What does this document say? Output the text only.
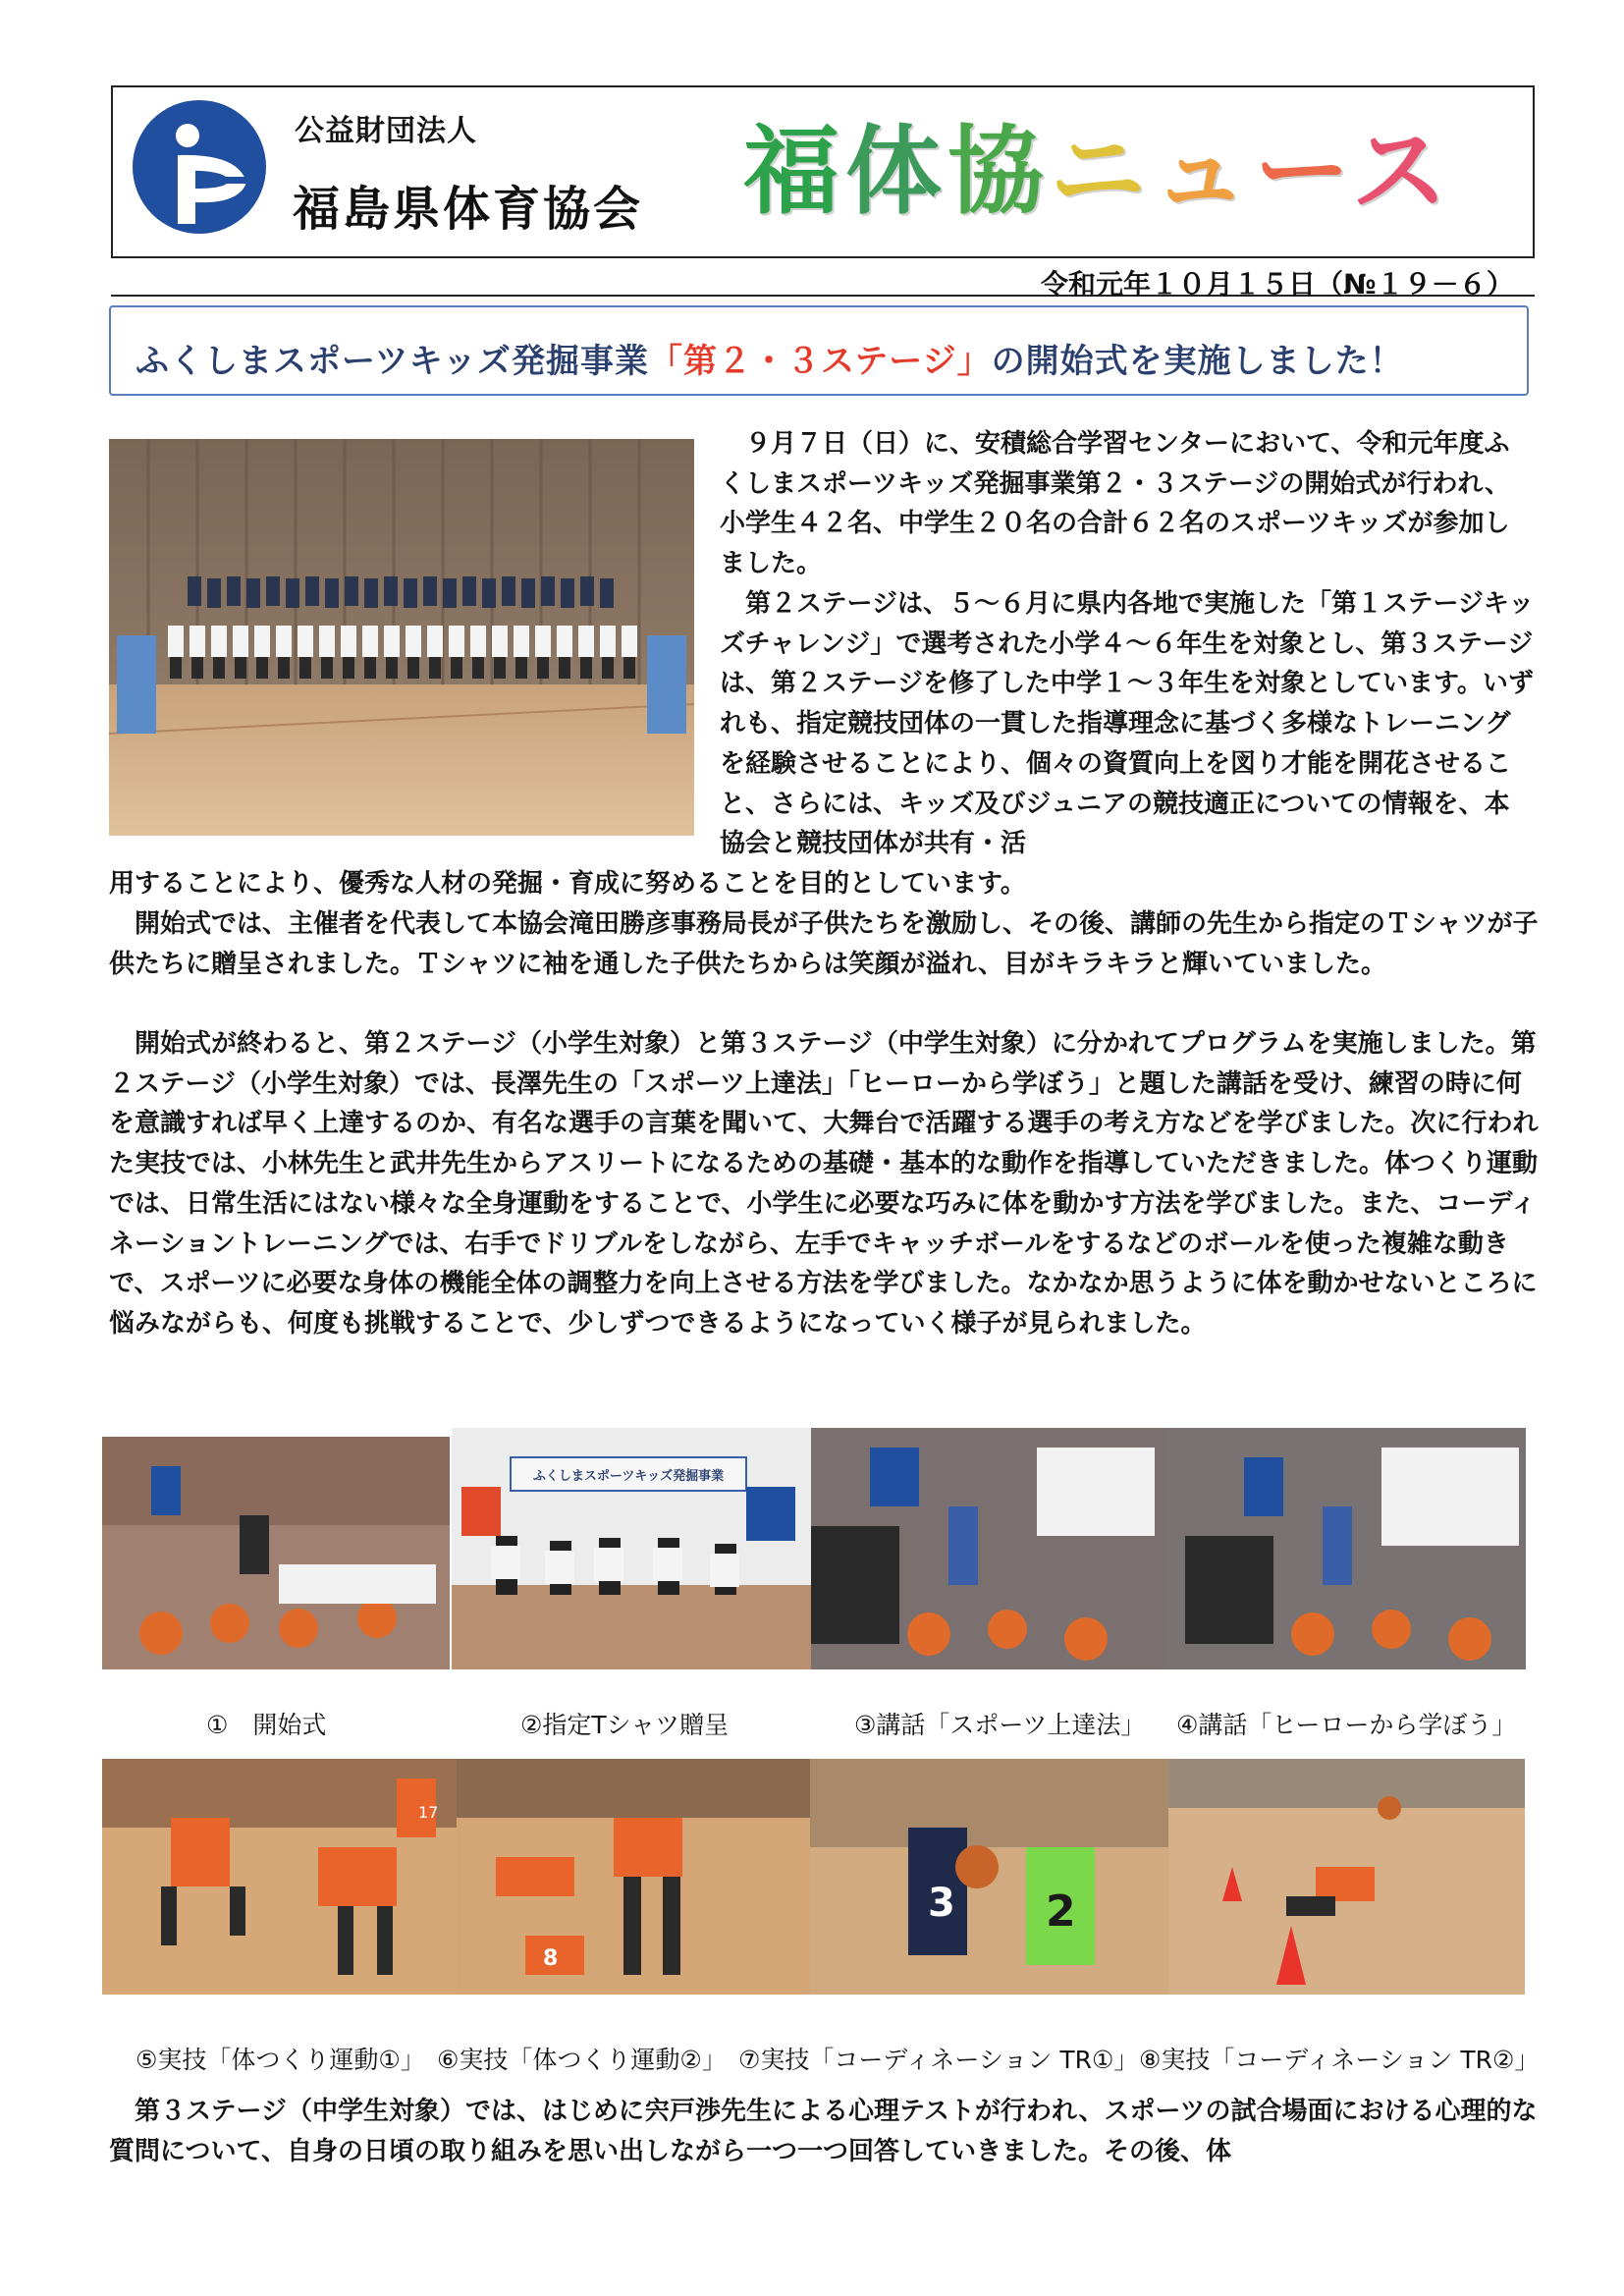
公益財団法人
福島県体育協会 福体協ニュース
令和元年１０月１５日（№１９－６）
ふくしまスポーツキッズ発掘事業「第２・３ステージ」の開始式を実施しました！

　９月７日（日）に、安積総合学習センターにおいて、令和元年度ふくしまスポーツキッズ発掘事業第２・３ステージの開始式が行われ、小学生４２名、中学生２０名の合計６２名のスポーツキッズが参加しました。

　第２ステージは、５～６月に県内各地で実施した「第１ステージキッズチャレンジ」で選考された小学４～６年生を対象とし、第３ステージは、第２ステージを修了した中学１～３年生を対象としています。いずれも、指定競技団体の一貫した指導理念に基づく多様なトレーニングを経験させることにより、個々の資質向上を図り才能を開花させること、さらには、キッズ及びジュニアの競技適正についての情報を、本協会と競技団体が共有・活

用することにより、優秀な人材の発掘・育成に努めることを目的としています。

　開始式では、主催者を代表して本協会滝田勝彦事務局長が子供たちを激励し、その後、講師の先生から指定のＴシャツが子供たちに贈呈されました。Ｔシャツに袖を通した子供たちからは笑顔が溢れ、目がキラキラと輝いていました。

　開始式が終わると、第２ステージ（小学生対象）と第３ステージ（中学生対象）に分かれてプログラムを実施しました。第２ステージ（小学生対象）では、長澤先生の「スポーツ上達法」「ヒーローから学ぼう」と題した講話を受け、練習の時に何を意識すれば早く上達するのか、有名な選手の言葉を聞いて、大舞台で活躍する選手の考え方などを学びました。次に行われた実技では、小林先生と武井先生からアスリートになるための基礎・基本的な動作を指導していただきました。体つくり運動では、日常生活にはない様々な全身運動をすることで、小学生に必要な巧みに体を動かす方法を学びました。また、コーディネーショントレーニングでは、右手でドリブルをしながら、左手でキャッチボールをするなどのボールを使った複雑な動きで、スポーツに必要な身体の機能全体の調整力を向上させる方法を学びました。なかなか思うように体を動かせないところに悩みながらも、何度も挑戦することで、少しずつできるようになっていく様子が見られました。

ふくしまスポーツキッズ発掘事業
①　開始式	②指定Tシャツ贈呈	③講話「スポーツ上達法」 ④講話「ヒーローから学ぼう」
17
8
3 2
⑤実技「体つくり運動①」 ⑥実技「体つくり運動②」 ⑦実技「コーディネーション TR①」 ⑧実技「コーディネーション TR②」

　第３ステージ（中学生対象）では、はじめに宍戸渉先生による心理テストが行われ、スポーツの試合場面における心理的な質問について、自身の日頃の取り組みを思い出しながら一つ一つ回答していきました。その後、体
